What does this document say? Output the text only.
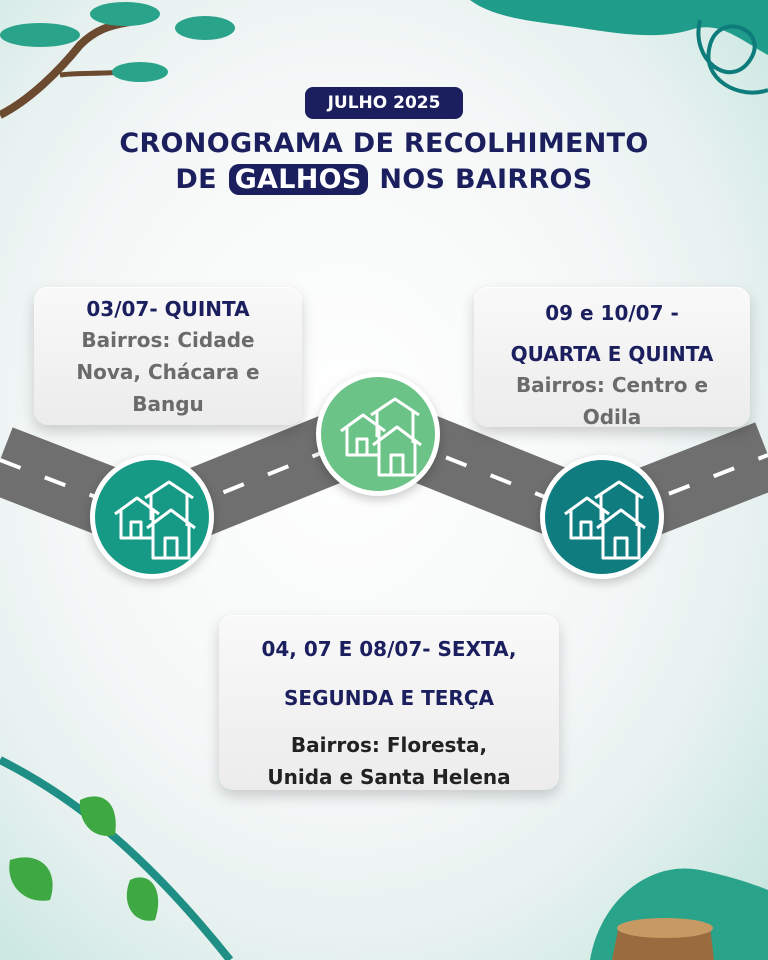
JULHO 2025
CRONOGRAMA DE RECOLHIMENTO
DE GALHOS NOS BAIRROS
03/07- QUINTA
Bairros: Cidade
Nova, Chácara e
Bangu
09 e 10/07 -
QUARTA E QUINTA
Bairros: Centro e
Odila
04, 07 E 08/07- SEXTA,
SEGUNDA E TERÇA
Bairros: Floresta,
Unida e Santa Helena
